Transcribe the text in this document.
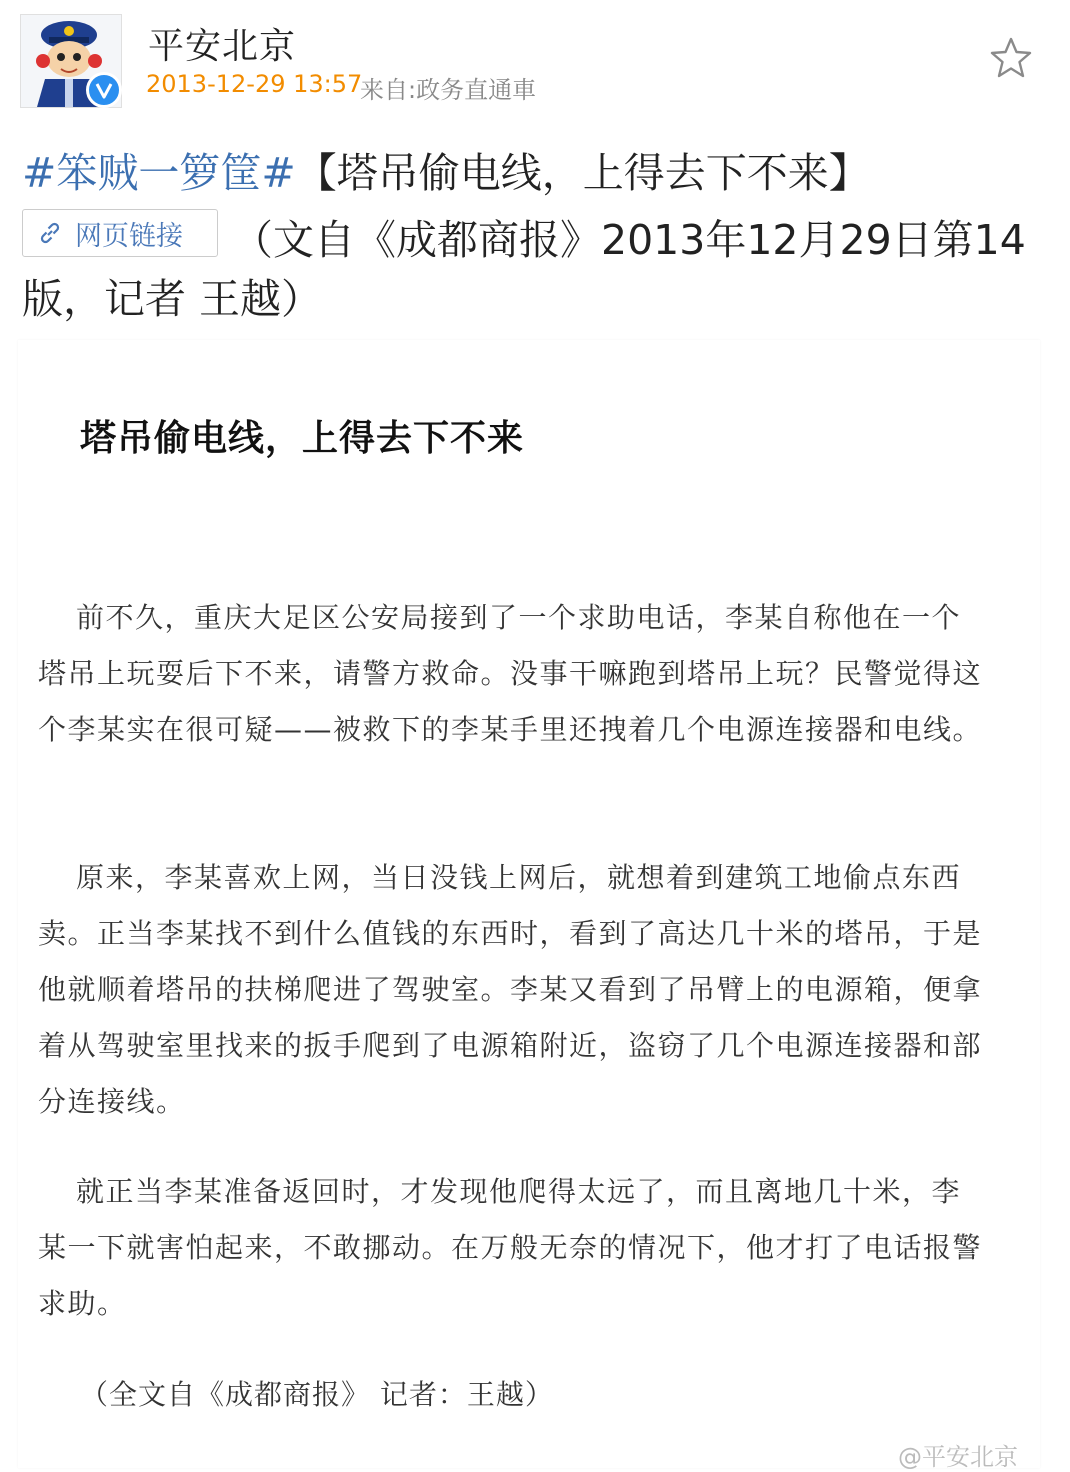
平安北京
2013-12-29 13:57
来自:政务直通車
#笨贼一箩筐#【塔吊偷电线，上得去下不来】
网页链接 （文自《成都商报》2013年12月29日第14
版，记者 王越）
塔吊偷电线，上得去下不来
前不久，重庆大足区公安局接到了一个求助电话，李某自称他在一个塔吊上玩耍后下不来，请警方救命。没事干嘛跑到塔吊上玩？民警觉得这个李某实在很可疑——被救下的李某手里还拽着几个电源连接器和电线。
原来，李某喜欢上网，当日没钱上网后，就想着到建筑工地偷点东西卖。正当李某找不到什么值钱的东西时，看到了高达几十米的塔吊，于是他就顺着塔吊的扶梯爬进了驾驶室。李某又看到了吊臂上的电源箱，便拿着从驾驶室里找来的扳手爬到了电源箱附近，盗窃了几个电源连接器和部分连接线。
就正当李某准备返回时，才发现他爬得太远了，而且离地几十米，李某一下就害怕起来，不敢挪动。在万般无奈的情况下，他才打了电话报警求助。
（全文自《成都商报》 记者：王越）
@平安北京
